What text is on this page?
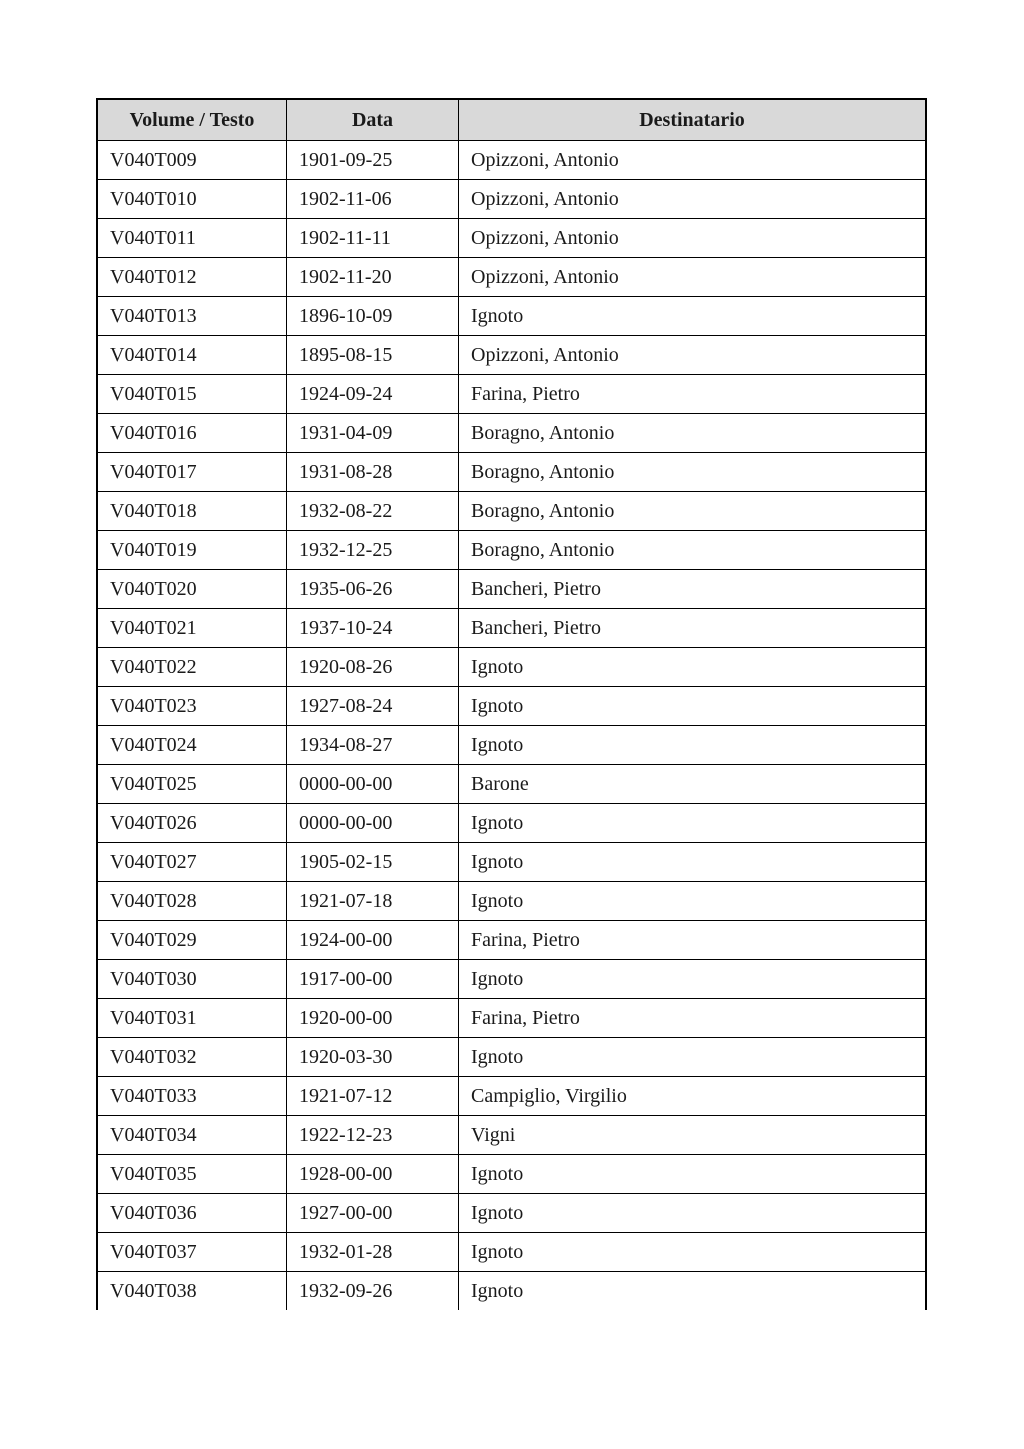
Volume / Testo	Data	Destinatario
V040T009	1901-09-25	Opizzoni, Antonio
V040T010	1902-11-06	Opizzoni, Antonio
V040T011	1902-11-11	Opizzoni, Antonio
V040T012	1902-11-20	Opizzoni, Antonio
V040T013	1896-10-09	Ignoto
V040T014	1895-08-15	Opizzoni, Antonio
V040T015	1924-09-24	Farina, Pietro
V040T016	1931-04-09	Boragno, Antonio
V040T017	1931-08-28	Boragno, Antonio
V040T018	1932-08-22	Boragno, Antonio
V040T019	1932-12-25	Boragno, Antonio
V040T020	1935-06-26	Bancheri, Pietro
V040T021	1937-10-24	Bancheri, Pietro
V040T022	1920-08-26	Ignoto
V040T023	1927-08-24	Ignoto
V040T024	1934-08-27	Ignoto
V040T025	0000-00-00	Barone
V040T026	0000-00-00	Ignoto
V040T027	1905-02-15	Ignoto
V040T028	1921-07-18	Ignoto
V040T029	1924-00-00	Farina, Pietro
V040T030	1917-00-00	Ignoto
V040T031	1920-00-00	Farina, Pietro
V040T032	1920-03-30	Ignoto
V040T033	1921-07-12	Campiglio, Virgilio
V040T034	1922-12-23	Vigni
V040T035	1928-00-00	Ignoto
V040T036	1927-00-00	Ignoto
V040T037	1932-01-28	Ignoto
V040T038	1932-09-26	Ignoto
